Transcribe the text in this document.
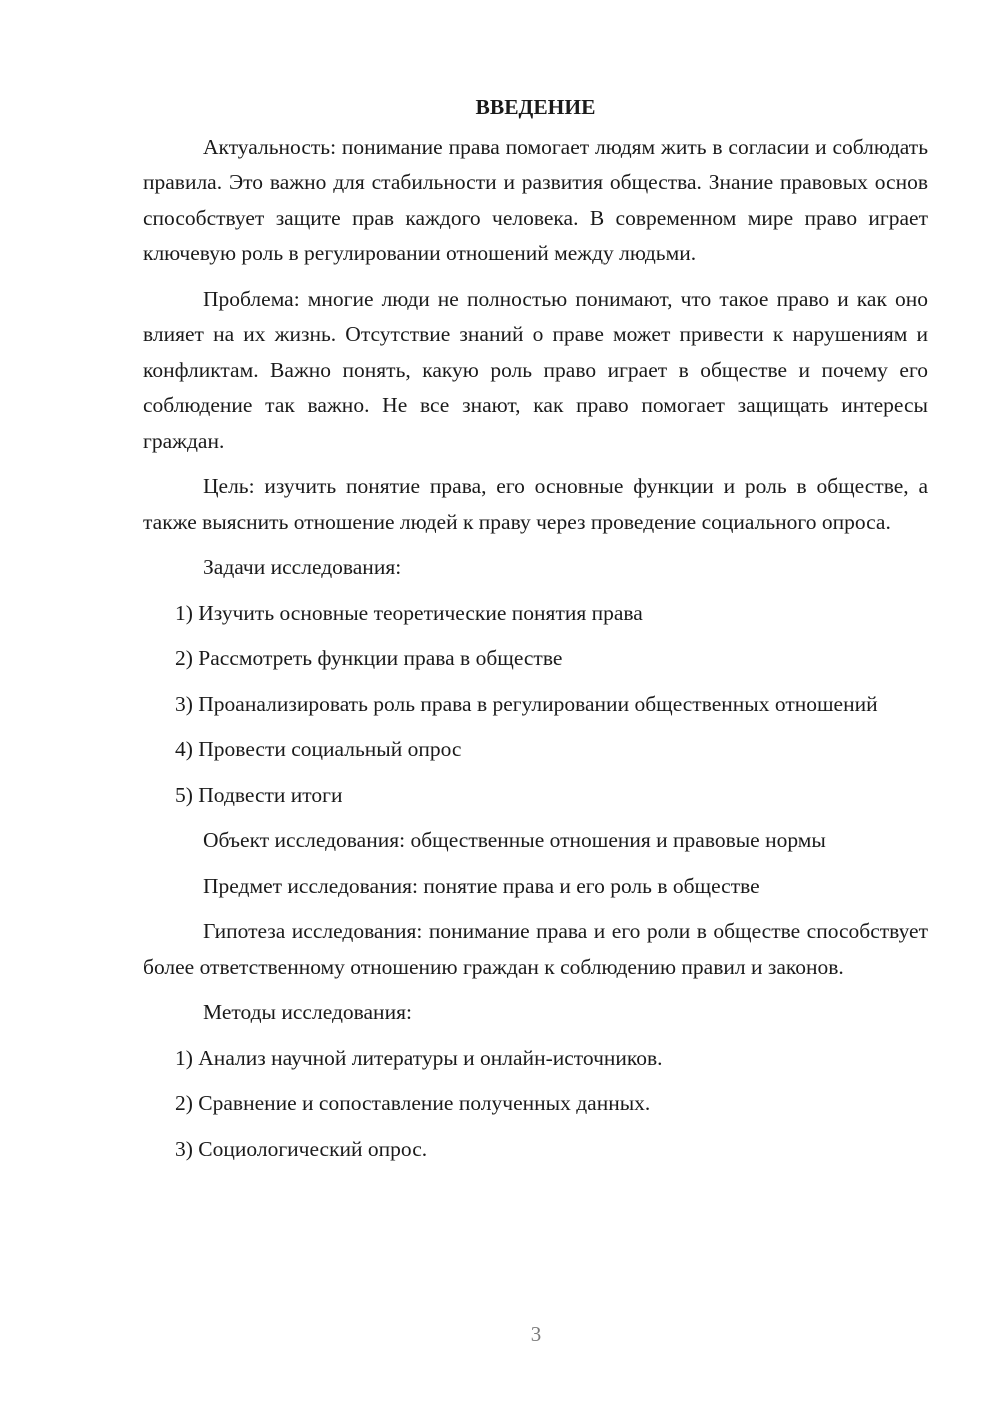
ВВЕДЕНИЕ
Актуальность: понимание права помогает людям жить в согласии и соблюдать правила. Это важно для стабильности и развития общества. Знание правовых основ способствует защите прав каждого человека. В современном мире право играет ключевую роль в регулировании отношений между людьми.
Проблема: многие люди не полностью понимают, что такое право и как оно влияет на их жизнь. Отсутствие знаний о праве может привести к нарушениям и конфликтам. Важно понять, какую роль право играет в обществе и почему его соблюдение так важно. Не все знают, как право помогает защищать интересы граждан.
Цель: изучить понятие права, его основные функции и роль в обществе, а также выяснить отношение людей к праву через проведение социального опроса.
Задачи исследования:
1) Изучить основные теоретические понятия права
2) Рассмотреть функции права в обществе
3) Проанализировать роль права в регулировании общественных отношений
4) Провести социальный опрос
5) Подвести итоги
Объект исследования: общественные отношения и правовые нормы
Предмет исследования: понятие права и его роль в обществе
Гипотеза исследования: понимание права и его роли в обществе способствует более ответственному отношению граждан к соблюдению правил и законов.
Методы исследования:
1) Анализ научной литературы и онлайн-источников.
2) Сравнение и сопоставление полученных данных.
3) Социологический опрос.
3
